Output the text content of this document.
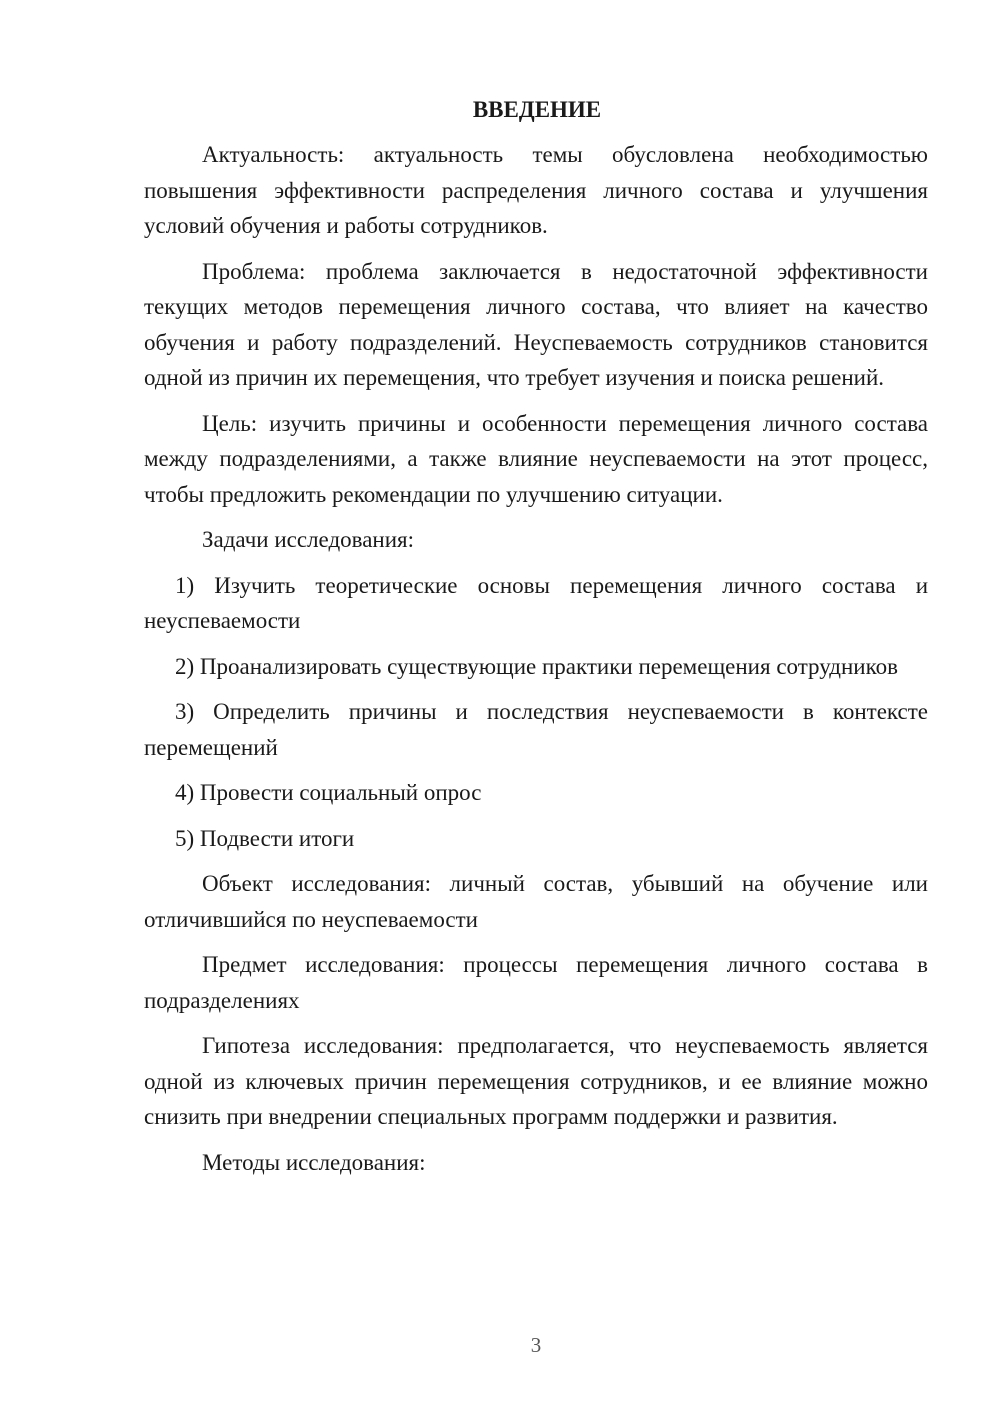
ВВЕДЕНИЕ
Актуальность: актуальность темы обусловлена необходимостью повышения эффективности распределения личного состава и улучшения условий обучения и работы сотрудников.
Проблема: проблема заключается в недостаточной эффективности текущих методов перемещения личного состава, что влияет на качество обучения и работу подразделений. Неуспеваемость сотрудников становится одной из причин их перемещения, что требует изучения и поиска решений.
Цель: изучить причины и особенности перемещения личного состава между подразделениями, а также влияние неуспеваемости на этот процесс, чтобы предложить рекомендации по улучшению ситуации.
Задачи исследования:
1) Изучить теоретические основы перемещения личного состава и неуспеваемости
2) Проанализировать существующие практики перемещения сотрудников
3) Определить причины и последствия неуспеваемости в контексте перемещений
4) Провести социальный опрос
5) Подвести итоги
Объект исследования: личный состав, убывший на обучение или отличившийся по неуспеваемости
Предмет исследования: процессы перемещения личного состава в подразделениях
Гипотеза исследования: предполагается, что неуспеваемость является одной из ключевых причин перемещения сотрудников, и ее влияние можно снизить при внедрении специальных программ поддержки и развития.
Методы исследования:
3
